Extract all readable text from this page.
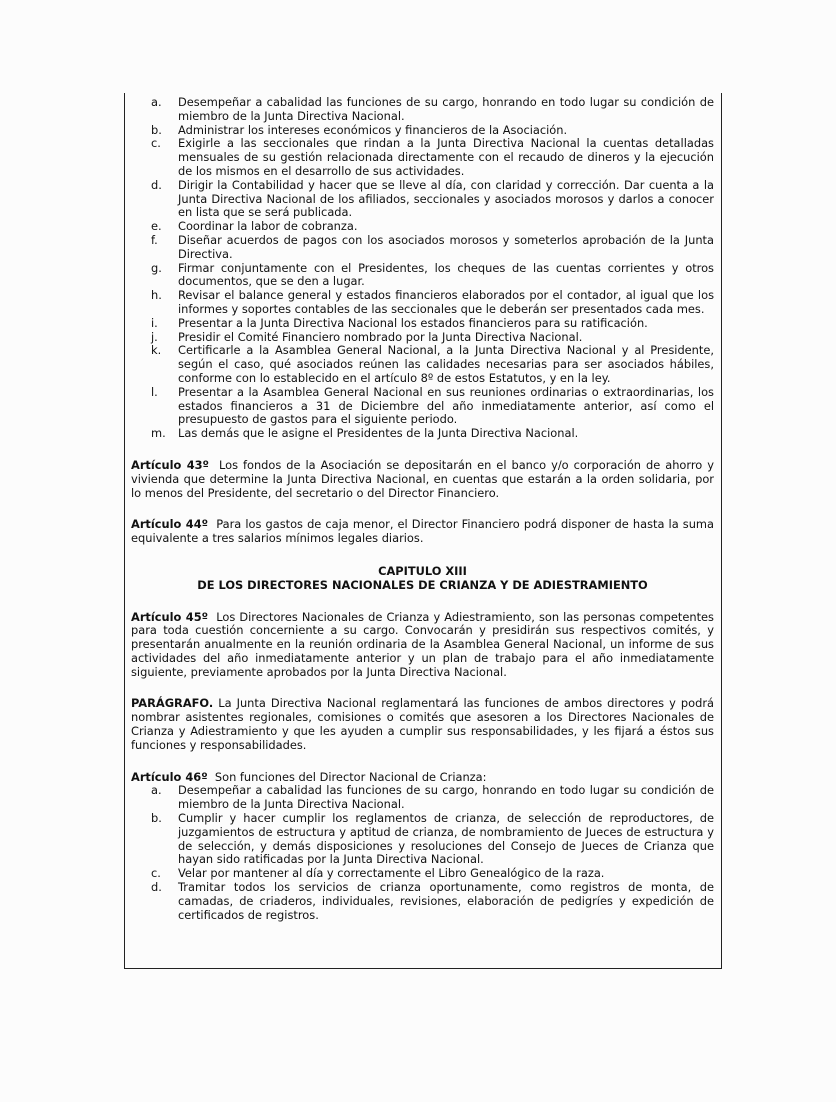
a. Desempeñar a cabalidad las funciones de su cargo, honrando en todo lugar su condición de miembro de la Junta Directiva Nacional.
b. Administrar los intereses económicos y financieros de la Asociación.
c. Exigirle a las seccionales que rindan a la Junta Directiva Nacional la cuentas detalladas mensuales de su gestión relacionada directamente con el recaudo de dineros y la ejecución de los mismos en el desarrollo de sus actividades.
d. Dirigir la Contabilidad y hacer que se lleve al día, con claridad y corrección. Dar cuenta a la Junta Directiva Nacional de los afiliados, seccionales y asociados morosos y darlos a conocer en lista que se será publicada.
e. Coordinar la labor de cobranza.
f. Diseñar acuerdos de pagos con los asociados morosos y someterlos aprobación de la Junta Directiva.
g. Firmar conjuntamente con el Presidentes, los cheques de las cuentas corrientes y otros documentos, que se den a lugar.
h. Revisar el balance general y estados financieros elaborados por el contador, al igual que los informes y soportes contables de las seccionales que le deberán ser presentados cada mes.
i. Presentar a la Junta Directiva Nacional los estados financieros para su ratificación.
j. Presidir el Comité Financiero nombrado por la Junta Directiva Nacional.
k. Certificarle a la Asamblea General Nacional, a la Junta Directiva Nacional y al Presidente, según el caso, qué asociados reúnen las calidades necesarias para ser asociados hábiles, conforme con lo establecido en el artículo 8º de estos Estatutos, y en la ley.
l. Presentar a la Asamblea General Nacional en sus reuniones ordinarias o extraordinarias, los estados financieros a 31 de Diciembre del año inmediatamente anterior, así como el presupuesto de gastos para el siguiente periodo.
m. Las demás que le asigne el Presidentes de la Junta Directiva Nacional.

Artículo 43º Los fondos de la Asociación se depositarán en el banco y/o corporación de ahorro y vivienda que determine la Junta Directiva Nacional, en cuentas que estarán a la orden solidaria, por lo menos del Presidente, del secretario o del Director Financiero.

Artículo 44º Para los gastos de caja menor, el Director Financiero podrá disponer de hasta la suma equivalente a tres salarios mínimos legales diarios.

CAPITULO XIII
DE LOS DIRECTORES NACIONALES DE CRIANZA Y DE ADIESTRAMIENTO

Artículo 45º Los Directores Nacionales de Crianza y Adiestramiento, son las personas competentes para toda cuestión concerniente a su cargo. Convocarán y presidirán sus respectivos comités, y presentarán anualmente en la reunión ordinaria de la Asamblea General Nacional, un informe de sus actividades del año inmediatamente anterior y un plan de trabajo para el año inmediatamente siguiente, previamente aprobados por la Junta Directiva Nacional.

PARÁGRAFO. La Junta Directiva Nacional reglamentará las funciones de ambos directores y podrá nombrar asistentes regionales, comisiones o comités que asesoren a los Directores Nacionales de Crianza y Adiestramiento y que les ayuden a cumplir sus responsabilidades, y les fijará a éstos sus funciones y responsabilidades.

Artículo 46º Son funciones del Director Nacional de Crianza:

a. Desempeñar a cabalidad las funciones de su cargo, honrando en todo lugar su condición de miembro de la Junta Directiva Nacional.
b. Cumplir y hacer cumplir los reglamentos de crianza, de selección de reproductores, de juzgamientos de estructura y aptitud de crianza, de nombramiento de Jueces de estructura y de selección, y demás disposiciones y resoluciones del Consejo de Jueces de Crianza que hayan sido ratificadas por la Junta Directiva Nacional.
c. Velar por mantener al día y correctamente el Libro Genealógico de la raza.
d. Tramitar todos los servicios de crianza oportunamente, como registros de monta, de camadas, de criaderos, individuales, revisiones, elaboración de pedigríes y expedición de certificados de registros.
